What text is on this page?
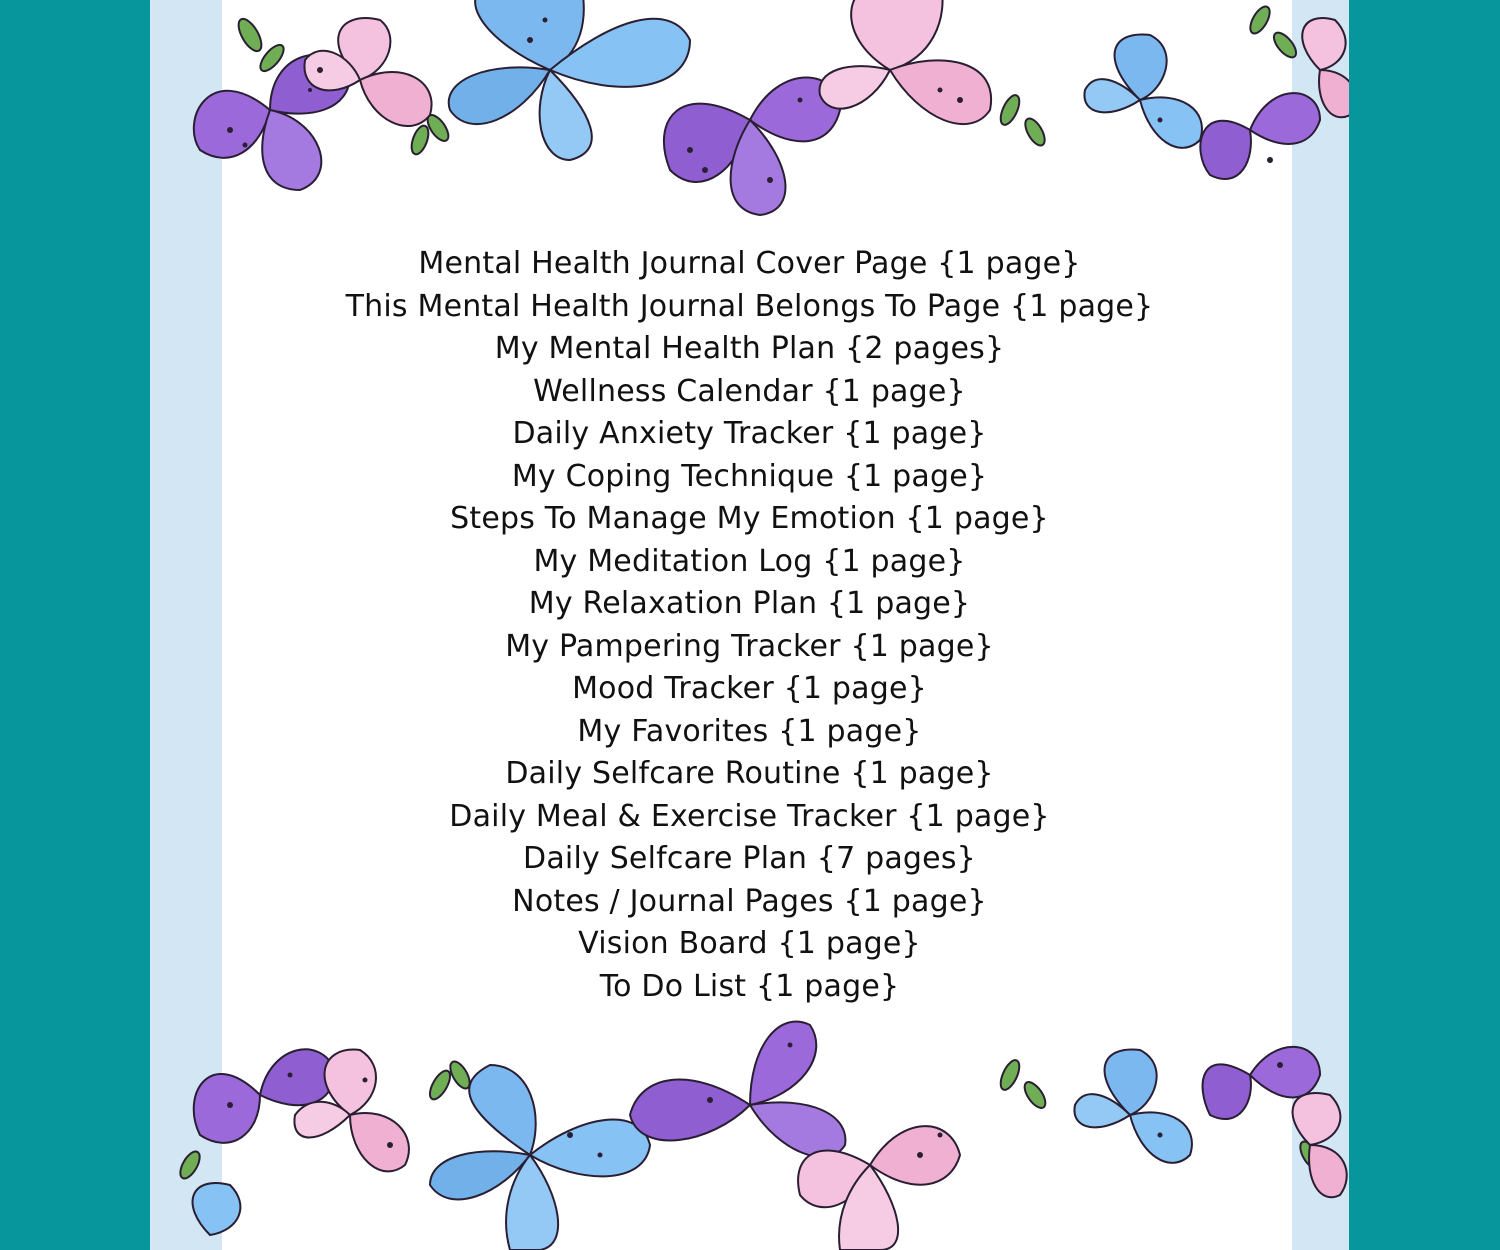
Mental Health Journal Cover Page {1 page}
This Mental Health Journal Belongs To Page {1 page}
My Mental Health Plan {2 pages}
Wellness Calendar {1 page}
Daily Anxiety Tracker {1 page}
My Coping Technique {1 page}
Steps To Manage My Emotion {1 page}
My Meditation Log {1 page}
My Relaxation Plan {1 page}
My Pampering Tracker {1 page}
Mood Tracker {1 page}
My Favorites {1 page}
Daily Selfcare Routine {1 page}
Daily Meal & Exercise Tracker {1 page}
Daily Selfcare Plan {7 pages}
Notes / Journal Pages {1 page}
Vision Board {1 page}
To Do List {1 page}
